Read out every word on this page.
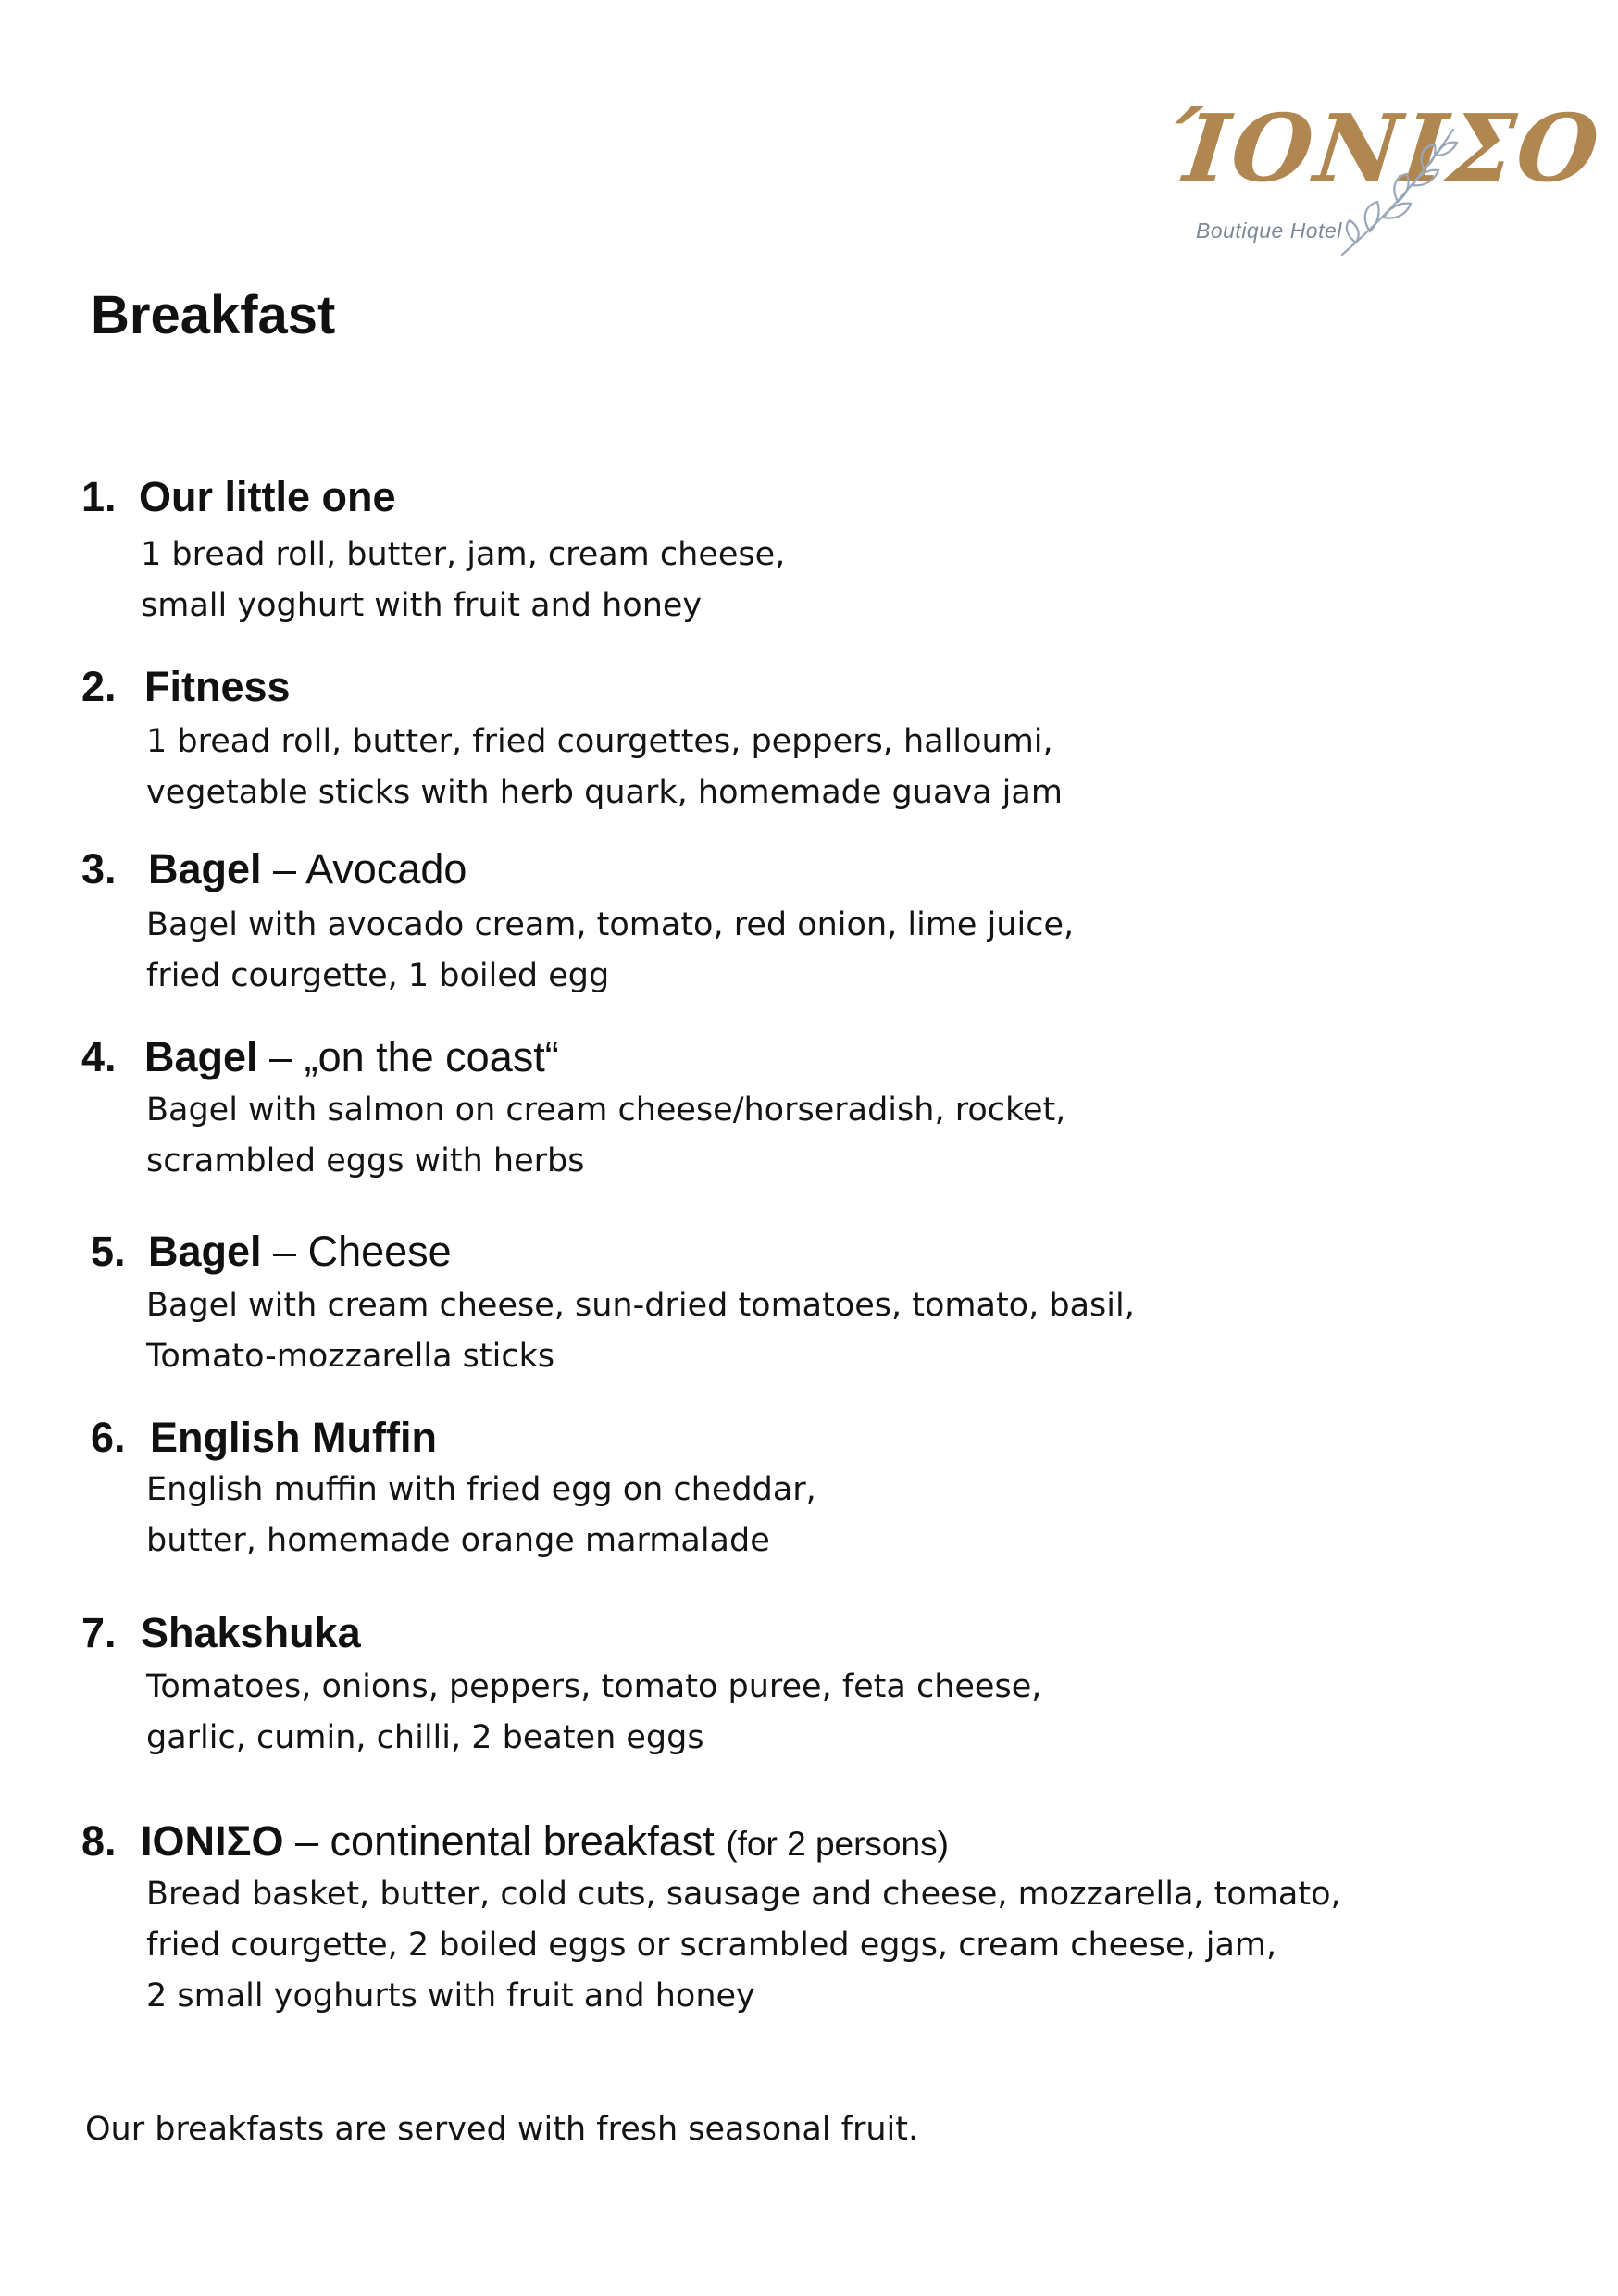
ΊΟΝΙΣΟ
Boutique Hotel
Breakfast
1. Our little one
1 bread roll, butter, jam, cream cheese,
small yoghurt with fruit and honey
2. Fitness
1 bread roll, butter, fried courgettes, peppers, halloumi,
vegetable sticks with herb quark, homemade guava jam
3. Bagel – Avocado
Bagel with avocado cream, tomato, red onion, lime juice,
fried courgette, 1 boiled egg
4. Bagel – „on the coast“
Bagel with salmon on cream cheese/horseradish, rocket,
scrambled eggs with herbs
5. Bagel – Cheese
Bagel with cream cheese, sun-dried tomatoes, tomato, basil,
Tomato-mozzarella sticks
6. English Muffin
English muffin with fried egg on cheddar,
butter, homemade orange marmalade
7. Shakshuka
Tomatoes, onions, peppers, tomato puree, feta cheese,
garlic, cumin, chilli, 2 beaten eggs
8. ΙΟΝΙΣΟ – continental breakfast (for 2 persons)
Bread basket, butter, cold cuts, sausage and cheese, mozzarella, tomato,
fried courgette, 2 boiled eggs or scrambled eggs, cream cheese, jam,
2 small yoghurts with fruit and honey

Our breakfasts are served with fresh seasonal fruit.
